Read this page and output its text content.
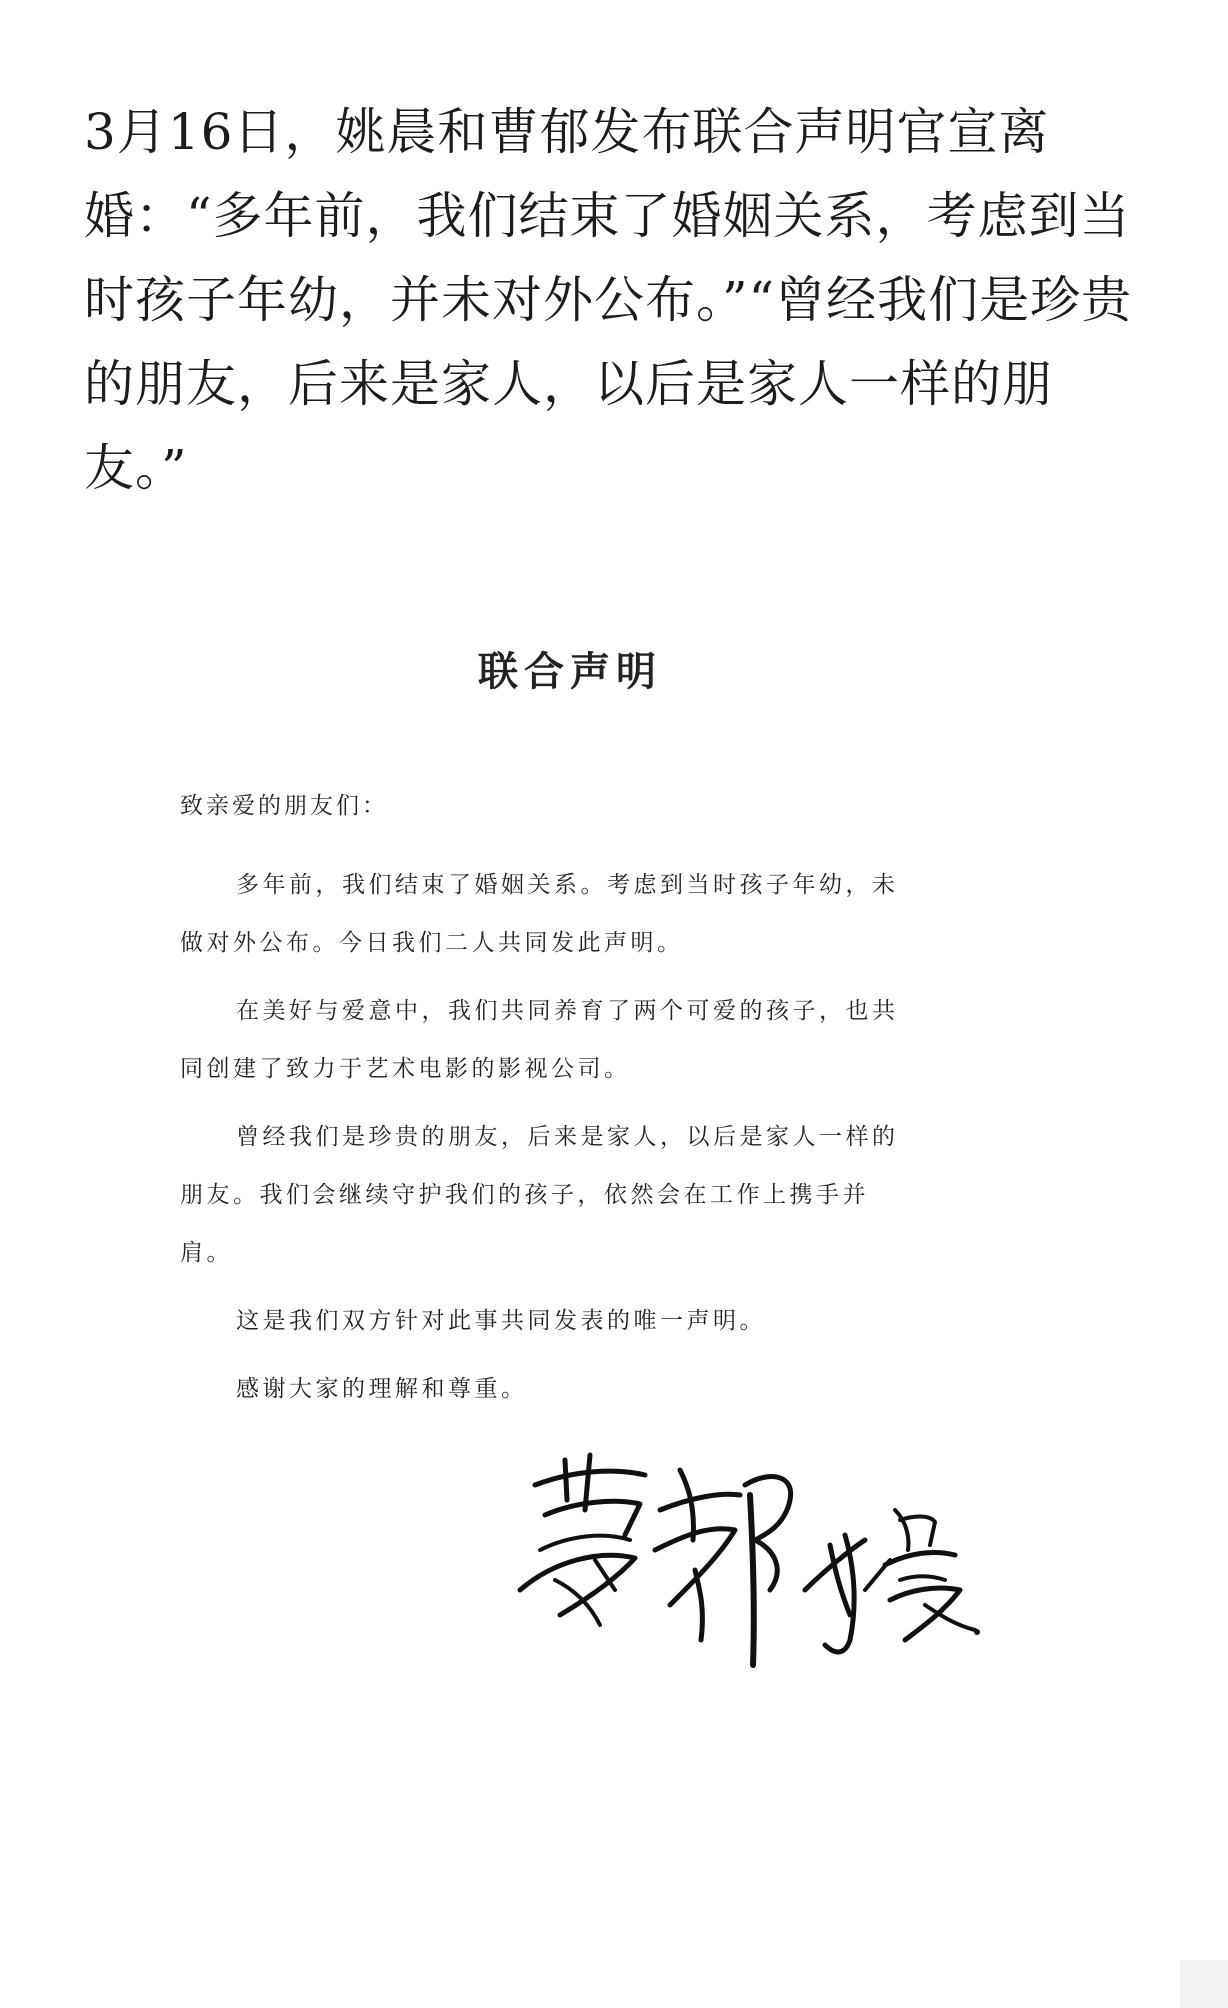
3月16日，姚晨和曹郁发布联合声明官宣离婚：“多年前，我们结束了婚姻关系，考虑到当时孩子年幼，并未对外公布。”“曾经我们是珍贵的朋友，后来是家人，以后是家人一样的朋友。”

联合声明
致亲爱的朋友们：

多年前，我们结束了婚姻关系。考虑到当时孩子年幼，未做对外公布。今日我们二人共同发此声明。

在美好与爱意中，我们共同养育了两个可爱的孩子，也共同创建了致力于艺术电影的影视公司。

曾经我们是珍贵的朋友，后来是家人，以后是家人一样的朋友。我们会继续守护我们的孩子，依然会在工作上携手并肩。

这是我们双方针对此事共同发表的唯一声明。

感谢大家的理解和尊重。
